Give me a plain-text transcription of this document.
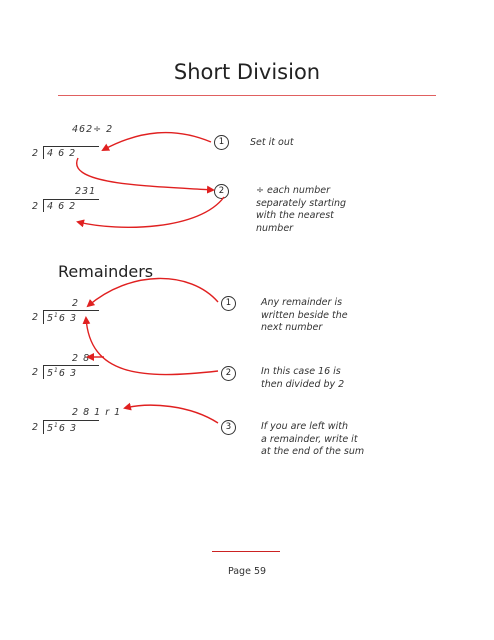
Short Division
462÷ 2
2 4 6 2
1	Set it out
231
2 4 6 2
2	÷ each number
separately starting
with the nearest
number
Remainders
2
2 $5^16$ 3
1	Any remainder is
written beside the
next number
2 8
2 $5^16$ 3	2	In this case 16 is
then divided by 2
2 8 1 r 1
2 $5^16$ 3	3	If you are left with
a remainder, write it
at the end of the sum
Page 59
